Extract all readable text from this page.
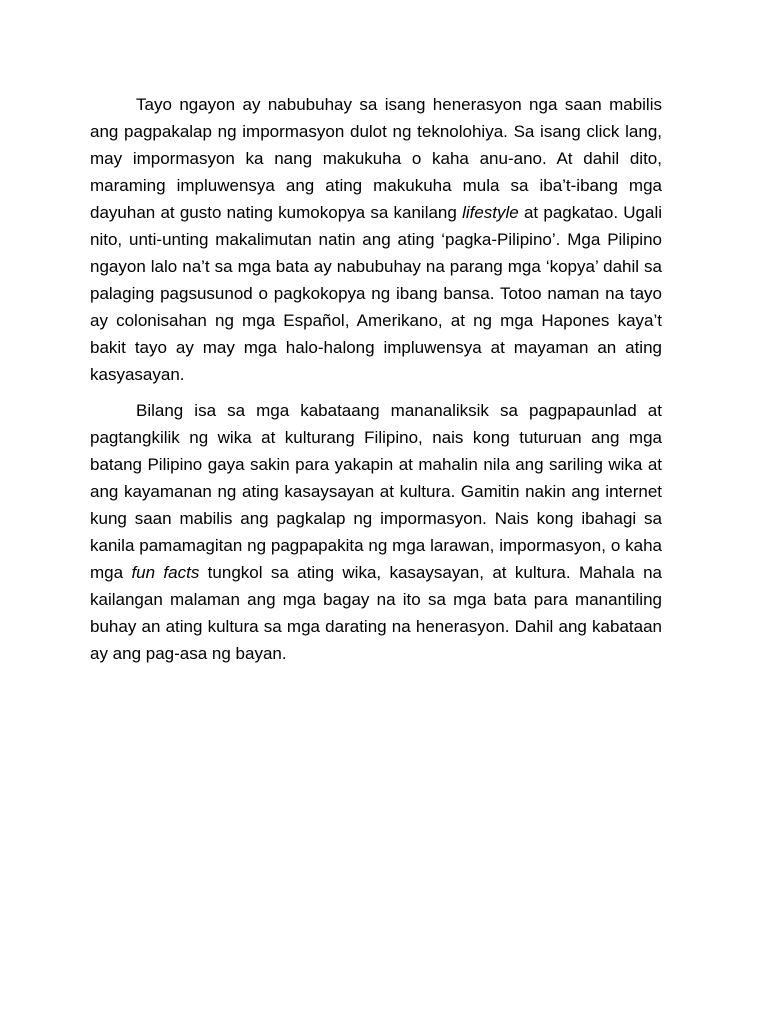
Tayo ngayon ay nabubuhay sa isang henerasyon nga saan mabilis ang pagpakalap ng impormasyon dulot ng teknolohiya. Sa isang click lang, may impormasyon ka nang makukuha o kaha anu-ano. At dahil dito, maraming impluwensya ang ating makukuha mula sa iba’t-ibang mga dayuhan at gusto nating kumokopya sa kanilang lifestyle at pagkatao. Ugali nito, unti-unting makalimutan natin ang ating ‘pagka-Pilipino’. Mga Pilipino ngayon lalo na’t sa mga bata ay nabubuhay na parang mga ‘kopya’ dahil sa palaging pagsusunod o pagkokopya ng ibang bansa. Totoo naman na tayo ay colonisahan ng mga Español, Amerikano, at ng mga Hapones kaya’t bakit tayo ay may mga halo-halong impluwensya at mayaman an ating kasyasayan.

Bilang isa sa mga kabataang mananaliksik sa pagpapaunlad at pagtangkilik ng wika at kulturang Filipino, nais kong tuturuan ang mga batang Pilipino gaya sakin para yakapin at mahalin nila ang sariling wika at ang kayamanan ng ating kasaysayan at kultura. Gamitin nakin ang internet kung saan mabilis ang pagkalap ng impormasyon. Nais kong ibahagi sa kanila pamamagitan ng pagpapakita ng mga larawan, impormasyon, o kaha mga fun facts tungkol sa ating wika, kasaysayan, at kultura. Mahala na kailangan malaman ang mga bagay na ito sa mga bata para manantiling buhay an ating kultura sa mga darating na henerasyon. Dahil ang kabataan ay ang pag-asa ng bayan.
